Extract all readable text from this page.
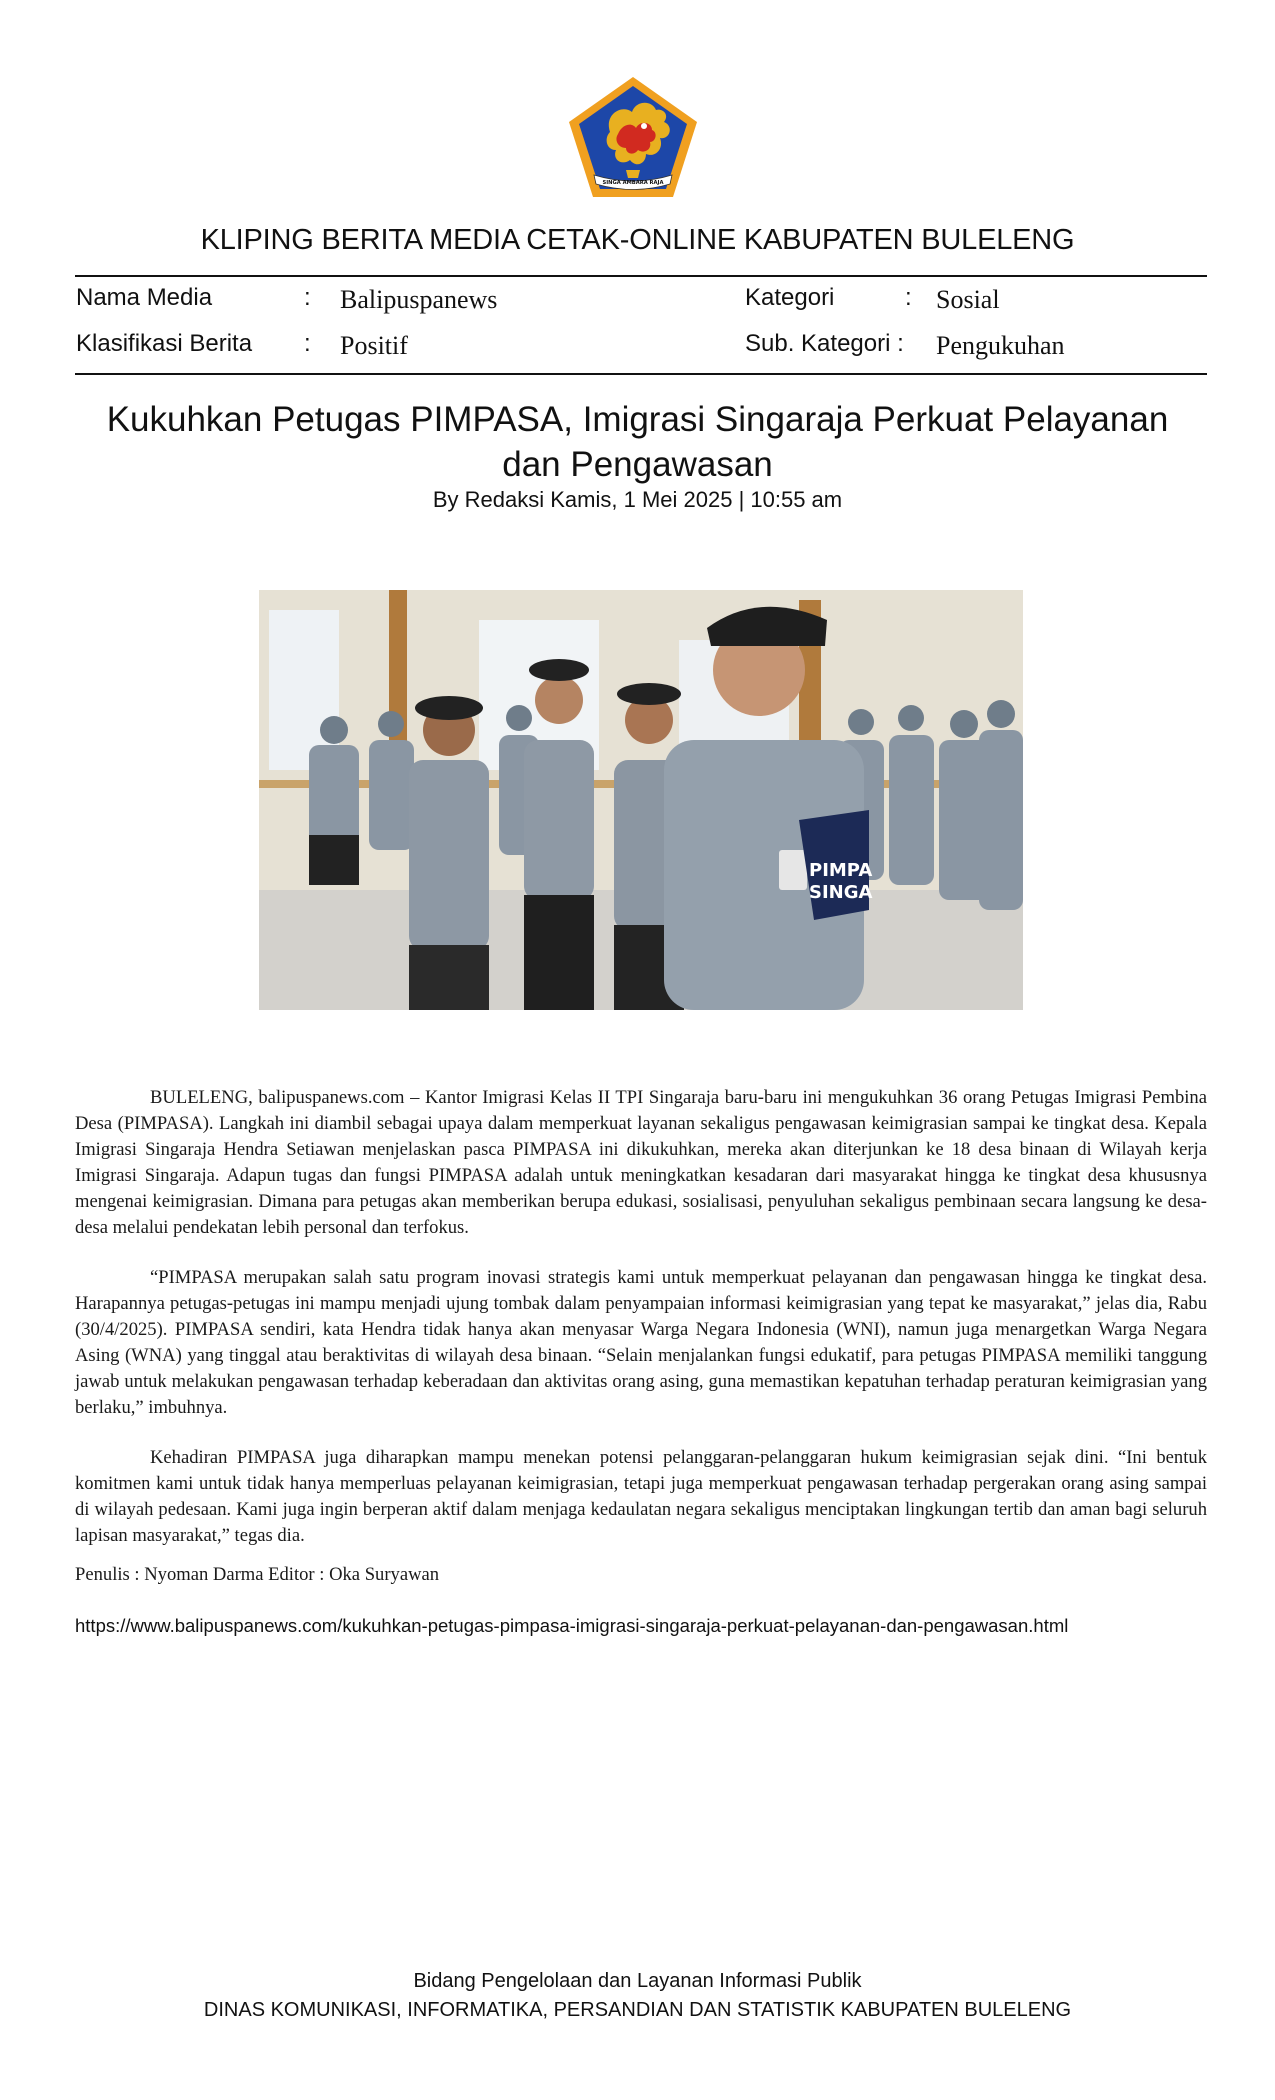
SINGA AMBARA RAJA
KLIPING BERITA MEDIA CETAK-ONLINE KABUPATEN BULELENG
Nama Media	: Balipuspanews	Kategori	: Sosial
Klasifikasi Berita : Positif	Sub. Kategori : Pengukuhan
Kukuhkan Petugas PIMPASA, Imigrasi Singaraja Perkuat Pelayanan dan Pengawasan
By Redaksi Kamis, 1 Mei 2025 | 10:55 am
PIMPA
SINGA

BULELENG, balipuspanews.com – Kantor Imigrasi Kelas II TPI Singaraja baru-baru ini mengukuhkan 36 orang Petugas Imigrasi Pembina Desa (PIMPASA). Langkah ini diambil sebagai upaya dalam memperkuat layanan sekaligus pengawasan keimigrasian sampai ke tingkat desa. Kepala Imigrasi Singaraja Hendra Setiawan menjelaskan pasca PIMPASA ini dikukuhkan, mereka akan diterjunkan ke 18 desa binaan di Wilayah kerja Imigrasi Singaraja. Adapun tugas dan fungsi PIMPASA adalah untuk meningkatkan kesadaran dari masyarakat hingga ke tingkat desa khususnya mengenai keimigrasian. Dimana para petugas akan memberikan berupa edukasi, sosialisasi, penyuluhan sekaligus pembinaan secara langsung ke desa-desa melalui pendekatan lebih personal dan terfokus.

“PIMPASA merupakan salah satu program inovasi strategis kami untuk memperkuat pelayanan dan pengawasan hingga ke tingkat desa. Harapannya petugas-petugas ini mampu menjadi ujung tombak dalam penyampaian informasi keimigrasian yang tepat ke masyarakat,” jelas dia, Rabu (30/4/2025). PIMPASA sendiri, kata Hendra tidak hanya akan menyasar Warga Negara Indonesia (WNI), namun juga menargetkan Warga Negara Asing (WNA) yang tinggal atau beraktivitas di wilayah desa binaan. “Selain menjalankan fungsi edukatif, para petugas PIMPASA memiliki tanggung jawab untuk melakukan pengawasan terhadap keberadaan dan aktivitas orang asing, guna memastikan kepatuhan terhadap peraturan keimigrasian yang berlaku,” imbuhnya.

Kehadiran PIMPASA juga diharapkan mampu menekan potensi pelanggaran-pelanggaran hukum keimigrasian sejak dini. “Ini bentuk komitmen kami untuk tidak hanya memperluas pelayanan keimigrasian, tetapi juga memperkuat pengawasan terhadap pergerakan orang asing sampai di wilayah pedesaan. Kami juga ingin berperan aktif dalam menjaga kedaulatan negara sekaligus menciptakan lingkungan tertib dan aman bagi seluruh lapisan masyarakat,” tegas dia.

Penulis : Nyoman Darma Editor : Oka Suryawan
https://www.balipuspanews.com/kukuhkan-petugas-pimpasa-imigrasi-singaraja-perkuat-pelayanan-dan-pengawasan.html
Bidang Pengelolaan dan Layanan Informasi Publik
DINAS KOMUNIKASI, INFORMATIKA, PERSANDIAN DAN STATISTIK KABUPATEN BULELENG
